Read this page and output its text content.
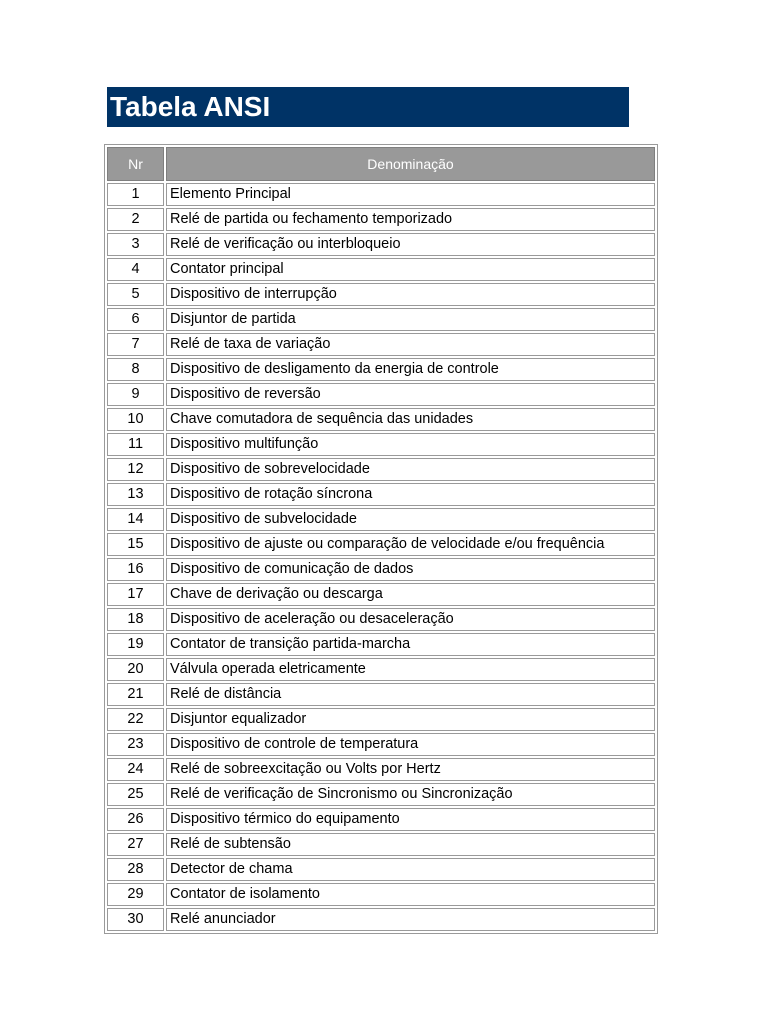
Tabela ANSI
Nr	Denominação
1	Elemento Principal
2	Relé de partida ou fechamento temporizado
3	Relé de verificação ou interbloqueio
4	Contator principal
5	Dispositivo de interrupção
6	Disjuntor de partida
7	Relé de taxa de variação
8	Dispositivo de desligamento da energia de controle
9	Dispositivo de reversão
10	Chave comutadora de sequência das unidades
11	Dispositivo multifunção
12	Dispositivo de sobrevelocidade
13	Dispositivo de rotação síncrona
14	Dispositivo de subvelocidade
15	Dispositivo de ajuste ou comparação de velocidade e/ou frequência
16	Dispositivo de comunicação de dados
17	Chave de derivação ou descarga
18	Dispositivo de aceleração ou desaceleração
19	Contator de transição partida-marcha
20	Válvula operada eletricamente
21	Relé de distância
22	Disjuntor equalizador
23	Dispositivo de controle de temperatura
24	Relé de sobreexcitação ou Volts por Hertz
25	Relé de verificação de Sincronismo ou Sincronização
26	Dispositivo térmico do equipamento
27	Relé de subtensão
28	Detector de chama
29	Contator de isolamento
30	Relé anunciador
